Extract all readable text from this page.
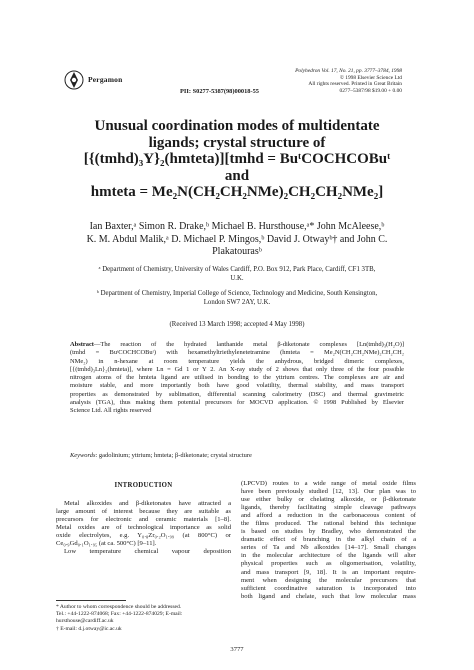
Pergamon
Polyhedron Vol. 17, No. 21, pp. 3777–3784, 1998
© 1998 Elsevier Science Ltd
All rights reserved. Printed in Great Britain
0277–5387/98 $19.00 + 0.00
PII: S0277-5387(98)00018-55
Unusual coordination modes of multidentate
ligands; crystal structure of
[{(tmhd)₃Y}₂(hmteta)][tmhd = BuᵗCOCHCOBuᵗ
and
hmteta = Me₂N(CH₂CH₂NMe)₂CH₂CH₂NMe₂]
Ian Baxter,ᵃ Simon R. Drake,ᵇ Michael B. Hursthouse,ᵃ* John McAleese,ᵇ
K. M. Abdul Malik,ᵃ D. Michael P. Mingos,ᵇ David J. Otwayᵇ† and John C.
Plakatourasᵇ
ᵃ Department of Chemistry, University of Wales Cardiff, P.O. Box 912, Park Place, Cardiff, CF1 3TB,
U.K.
ᵇ Department of Chemistry, Imperial College of Science, Technology and Medicine, South Kensington,
London SW7 2AY, U.K.
(Received 13 March 1998; accepted 4 May 1998)
Abstract—The reaction of the hydrated lanthanide metal β-diketonate complexes [Ln(tmhd)₃(H₂O)]
(tmhd = BuᵗCOCHCOBuᵗ) with hexamethyltriethylenetetramine (hmteta = Me₂N(CH₂CH₂NMe)₂CH₂CH₂
NMe₂) in n-hexane at room temperature yields the anhydrous, bridged dimeric complexes,
[{(tmhd)₃Ln}₂(hmteta)], where Ln = Gd 1 or Y 2. An X-ray study of 2 shows that only three of the four possible
nitrogen atoms of the hmteta ligand are utilised in bonding to the yttrium centres. The complexes are air and
moisture stable, and more importantly both have good volatility, thermal stability, and mass transport
properties as demonstrated by sublimation, differential scanning calorimetry (DSC) and thermal gravimetric
analysis (TGA), thus making them potential precursors for MOCVD application. © 1998 Published by Elsevier
Science Ltd. All rights reserved
Keywords: gadolinium; yttrium; hmteta; β-diketonate; crystal structure
INTRODUCTION
Metal alkoxides and β-diketonates have attracted a
large amount of interest because they are suitable as
precursors for electronic and ceramic materials [1–8].
Metal oxides are of technological importance as solid
oxide electrolytes, e.g. Y₀.₈Zr₀.₂O₁.₉₉ (at 800°C) or
Ce₀.₉Gd₀.₁O₁.₉₅ (at ca. 500°C) [9–11].
Low temperature chemical vapour deposition
(LPCVD) routes to a wide range of metal oxide films
have been previously studied [12, 13]. Our plan was to
use either bulky or chelating alkoxide, or β-diketonate
ligands, thereby facilitating simple cleavage pathways
and afford a reduction in the carbonaceous content of
the films produced. The rational behind this technique
is based on studies by Bradley, who demonstrated the
dramatic effect of branching in the alkyl chain of a
series of Ta and Nb alkoxides [14–17]. Small changes
in the molecular architecture of the ligands will alter
physical properties such as oligomerisation, volatility,
and mass transport [9, 18]. It is an important require-
ment when designing the molecular precursors that
sufficient coordinative saturation is incorporated into
both ligand and chelate, such that low molecular mass
* Author to whom correspondence should be addressed.
Tel.: +44-1222-874068; Fax: +44-1222-874029; E-mail:
hursthouse@cardiff.ac.uk
† E-mail: d.j.otway@ic.ac.uk
3777
